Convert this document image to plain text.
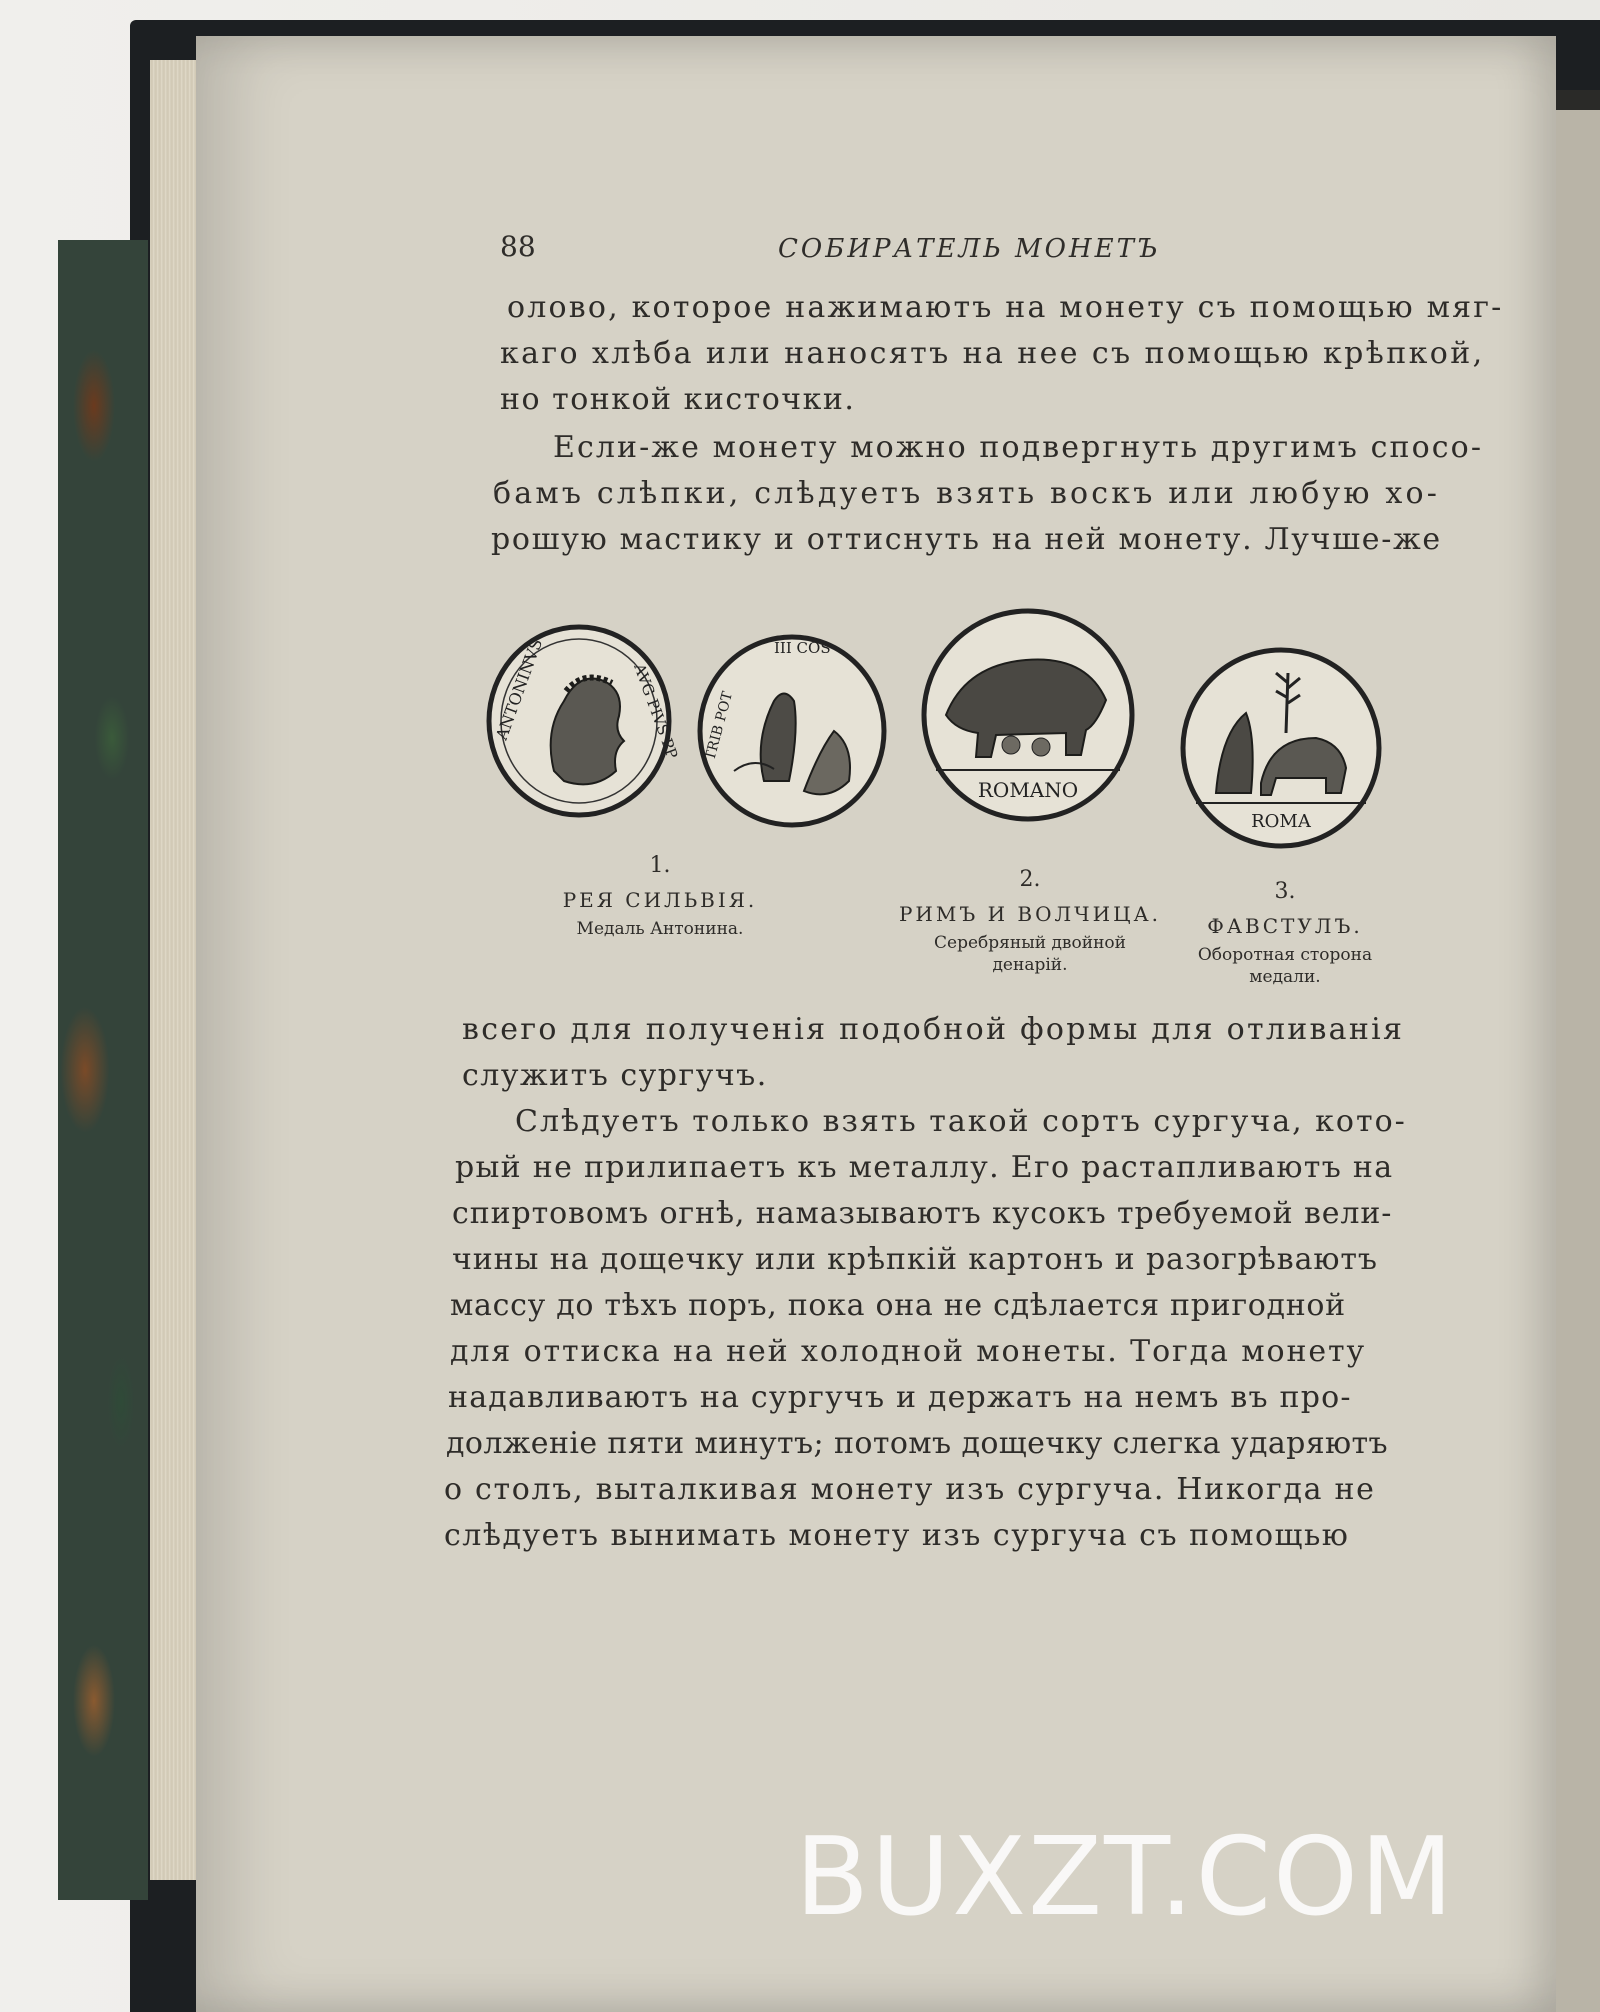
88	СОБИРАТЕЛЬ МОНЕТЪ
олово, которое нажимаютъ на монету съ помощью мяг-
каго хлѣба или наносятъ на нее съ помощью крѣпкой,
но тонкой кисточки.
Если-же монету можно подвергнуть другимъ спосо-
бамъ слѣпки, слѣдуетъ взять воскъ или любую хо-
рошую мастику и оттиснуть на ней монету. Лучше-же
ANTONINVS	AVG PIVS PP
III COS
TRIB POT
ROMANO
ROMA
1.
РЕЯ СИЛЬВІЯ.
Медаль Антонина.
2.
РИМЪ И ВОЛЧИЦА.
Серебряный двойной
денарій.
3.
ФАВСТУЛЪ.
Оборотная сторона
медали.
всего для полученія подобной формы для отливанія
служитъ сургучъ.
Слѣдуетъ только взять такой сортъ сургуча, кото-
рый не прилипаетъ къ металлу. Его растапливаютъ на
спиртовомъ огнѣ, намазываютъ кусокъ требуемой вели-
чины на дощечку или крѣпкій картонъ и разогрѣваютъ
массу до тѣхъ поръ, пока она не сдѣлается пригодной
для оттиска на ней холодной монеты. Тогда монету
надавливаютъ на сургучъ и держатъ на немъ въ про-
долженіе пяти минутъ; потомъ дощечку слегка ударяютъ
о столъ, выталкивая монету изъ сургуча. Никогда не
слѣдуетъ вынимать монету изъ сургуча съ помощью
BUXZT.COM
